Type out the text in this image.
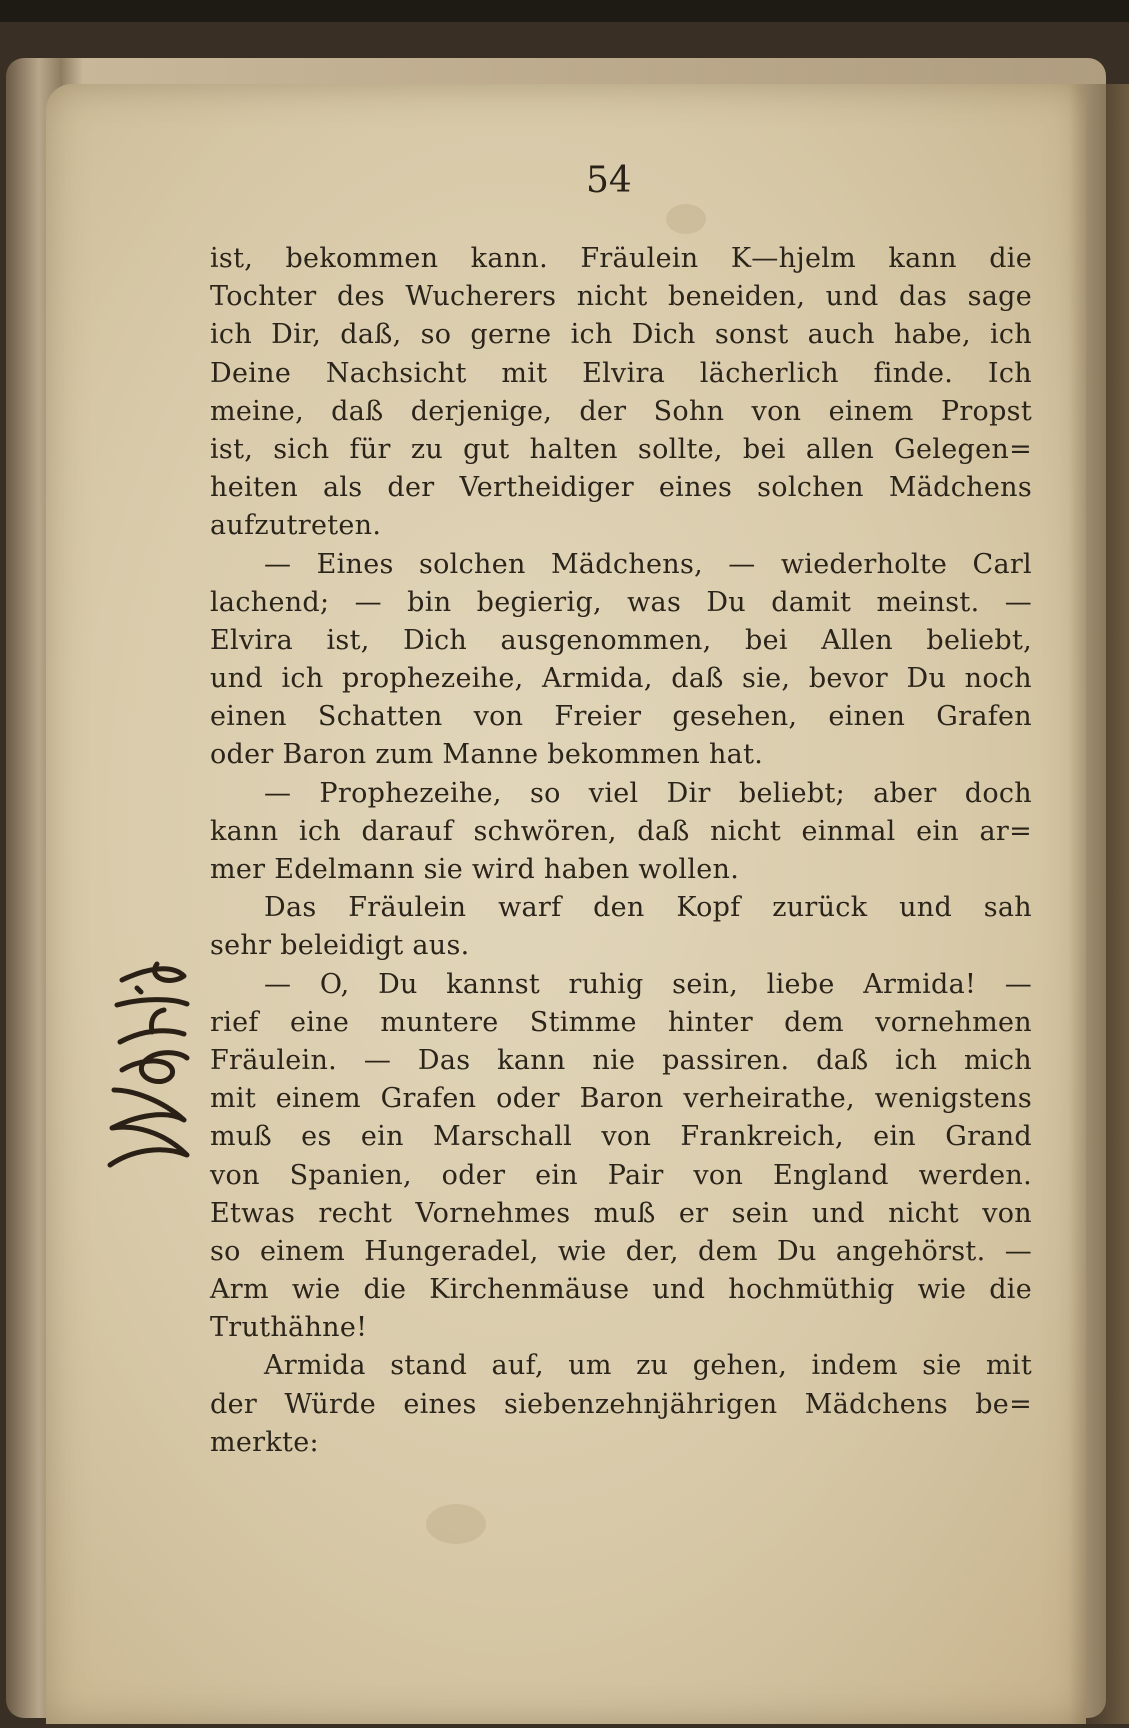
54
ist, bekommen kann. Fräulein K—hjelm kann die
Tochter des Wucherers nicht beneiden, und das sage
ich Dir, daß, so gerne ich Dich sonst auch habe, ich
Deine Nachsicht mit Elvira lächerlich finde. Ich
meine, daß derjenige, der Sohn von einem Propst
ist, sich für zu gut halten sollte, bei allen Gelegen=
heiten als der Vertheidiger eines solchen Mädchens
aufzutreten.
— Eines solchen Mädchens, — wiederholte Carl
lachend; — bin begierig, was Du damit meinst. —
Elvira ist, Dich ausgenommen, bei Allen beliebt,
und ich prophezeihe, Armida, daß sie, bevor Du noch
einen Schatten von Freier gesehen, einen Grafen
oder Baron zum Manne bekommen hat.
— Prophezeihe, so viel Dir beliebt; aber doch
kann ich darauf schwören, daß nicht einmal ein ar=
mer Edelmann sie wird haben wollen.
Das Fräulein warf den Kopf zurück und sah
sehr beleidigt aus.
— O, Du kannst ruhig sein, liebe Armida! —
rief eine muntere Stimme hinter dem vornehmen
Fräulein. — Das kann nie passiren. daß ich mich
mit einem Grafen oder Baron verheirathe, wenigstens
muß es ein Marschall von Frankreich, ein Grand
von Spanien, oder ein Pair von England werden.
Etwas recht Vornehmes muß er sein und nicht von
so einem Hungeradel, wie der, dem Du angehörst. —
Arm wie die Kirchenmäuse und hochmüthig wie die
Truthähne!
Armida stand auf, um zu gehen, indem sie mit
der Würde eines siebenzehnjährigen Mädchens be=
merkte:
